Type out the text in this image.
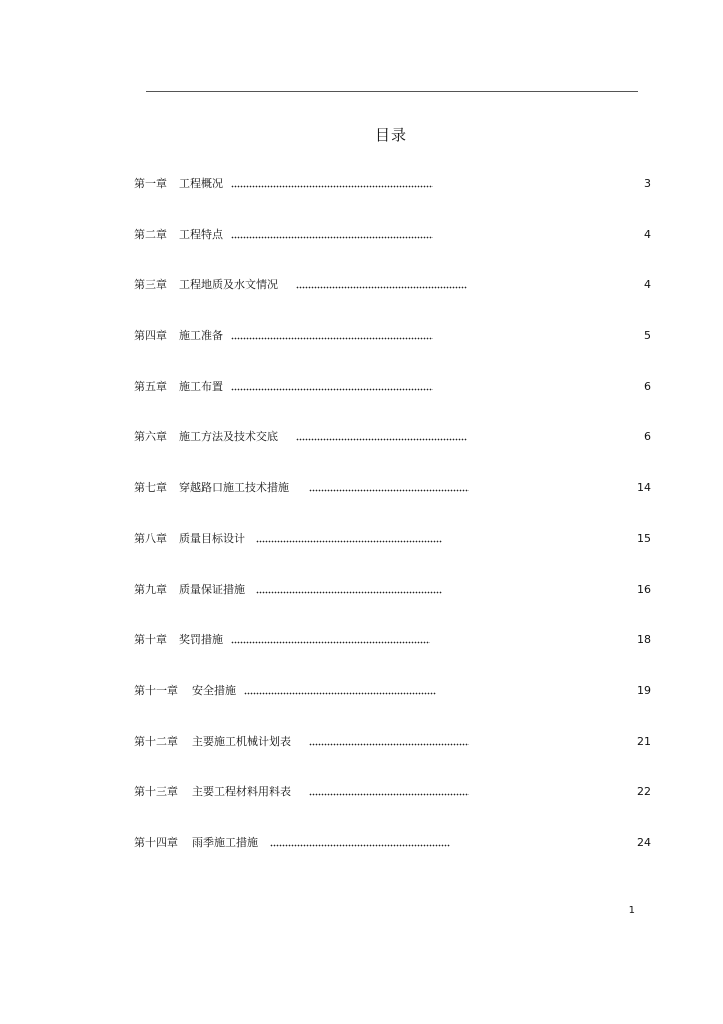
目录
第一章 工程概况	3
第二章 工程特点	4
第三章 工程地质及水文情况	4
第四章 施工准备	5
第五章 施工布置	6
第六章 施工方法及技术交底	6
第七章 穿越路口施工技术措施	14
第八章 质量目标设计	15
第九章 质量保证措施	16
第十章 奖罚措施	18
第十一章 安全措施	19
第十二章 主要施工机械计划表	21
第十三章 主要工程材料用料表	22
第十四章 雨季施工措施	24
1
